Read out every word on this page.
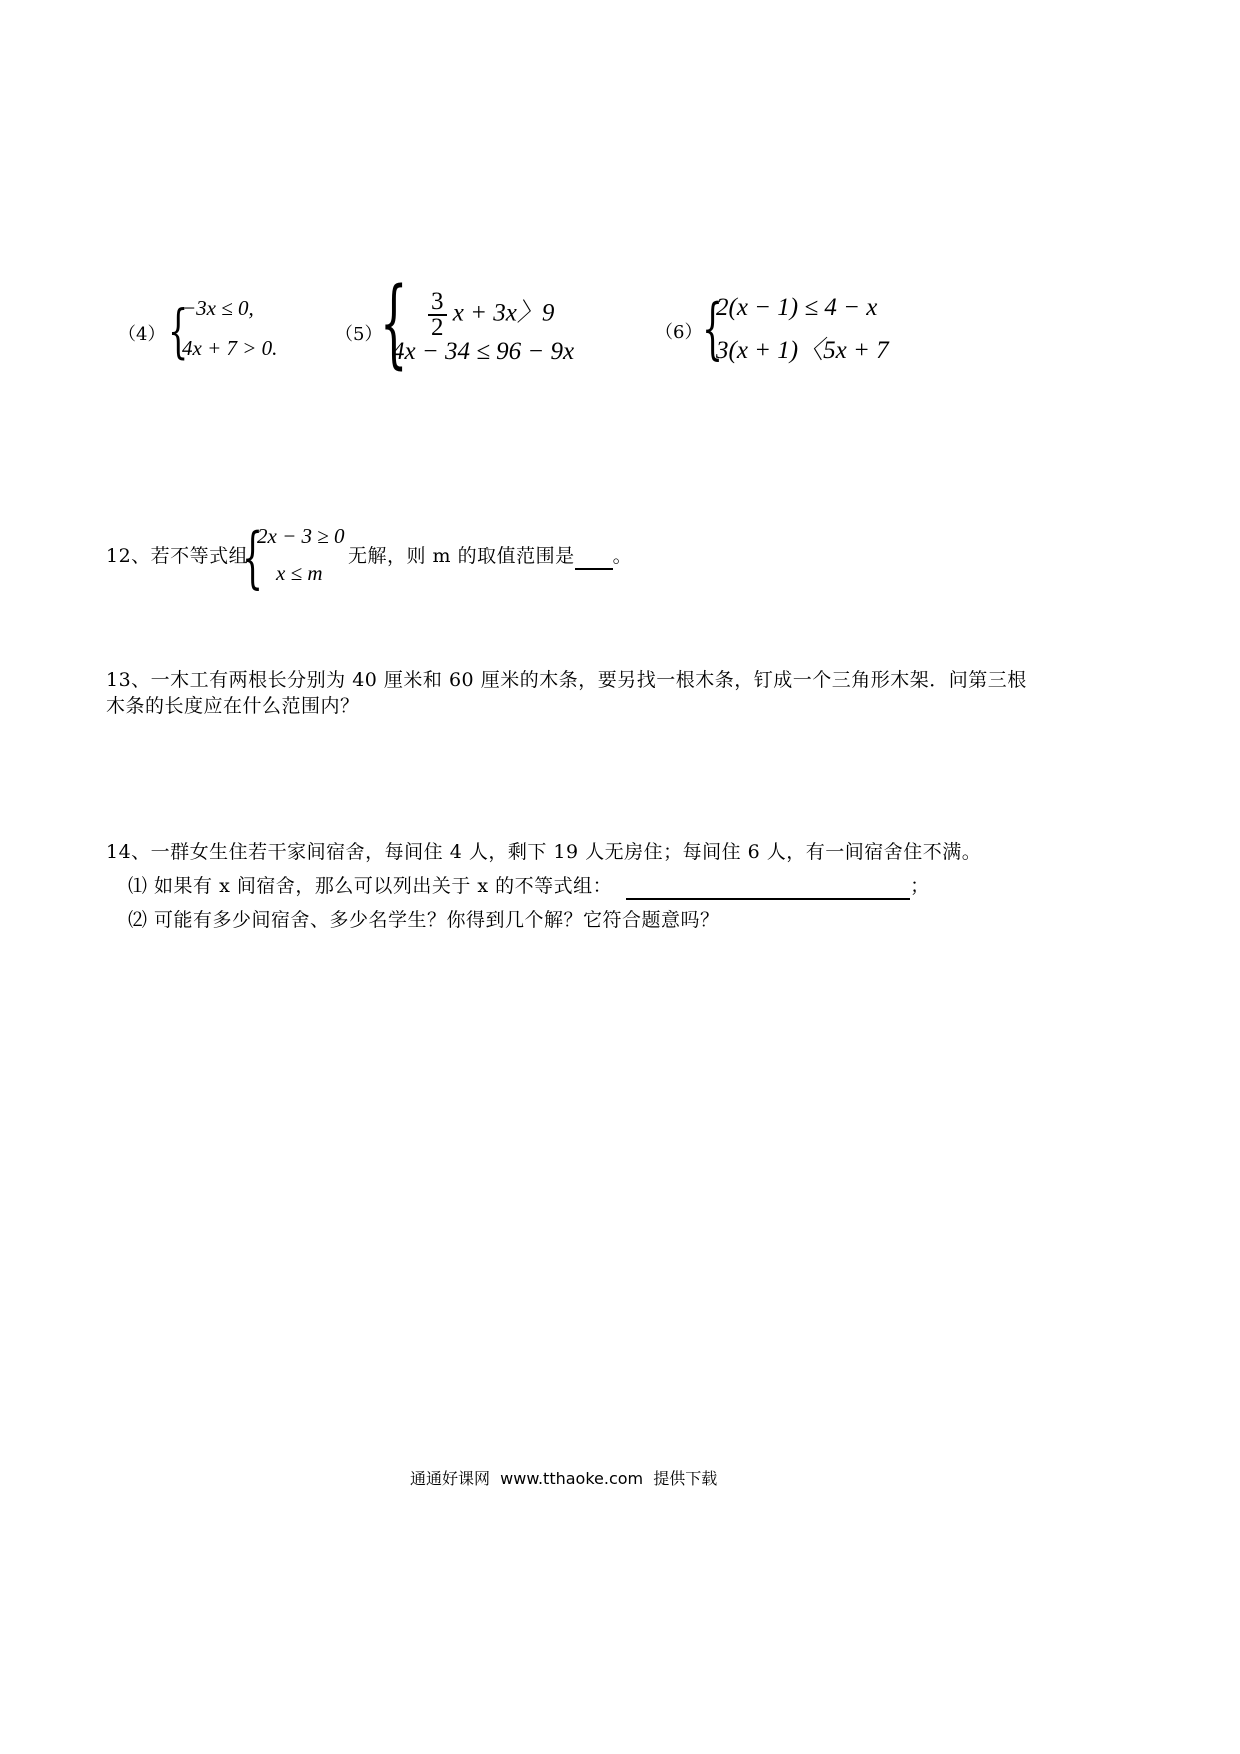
（4） {
−3x ≤ 0,
4x + 7 > 0.
（5）
{ $\frac{3}{2}$ x + 3x〉9
4x − 34 ≤ 96 − 9x
（6） {
2(x − 1) ≤ 4 − x
3(x + 1)〈5x + 7
12、若不等式组
{
2x − 3 ≥ 0
x ≤ m
无解，则 m 的取值范围是 。
13、一木工有两根长分别为 40 厘米和 60 厘米的木条，要另找一根木条，钉成一个三角形木架．问第三根
木条的长度应在什么范围内？
14、一群女生住若干家间宿舍，每间住 4 人，剩下 19 人无房住；每间住 6 人，有一间宿舍住不满。
⑴ 如果有 x 间宿舍，那么可以列出关于 x 的不等式组：	；
⑵ 可能有多少间宿舍、多少名学生？你得到几个解？它符合题意吗？
通通好课网  www.tthaoke.com  提供下载
